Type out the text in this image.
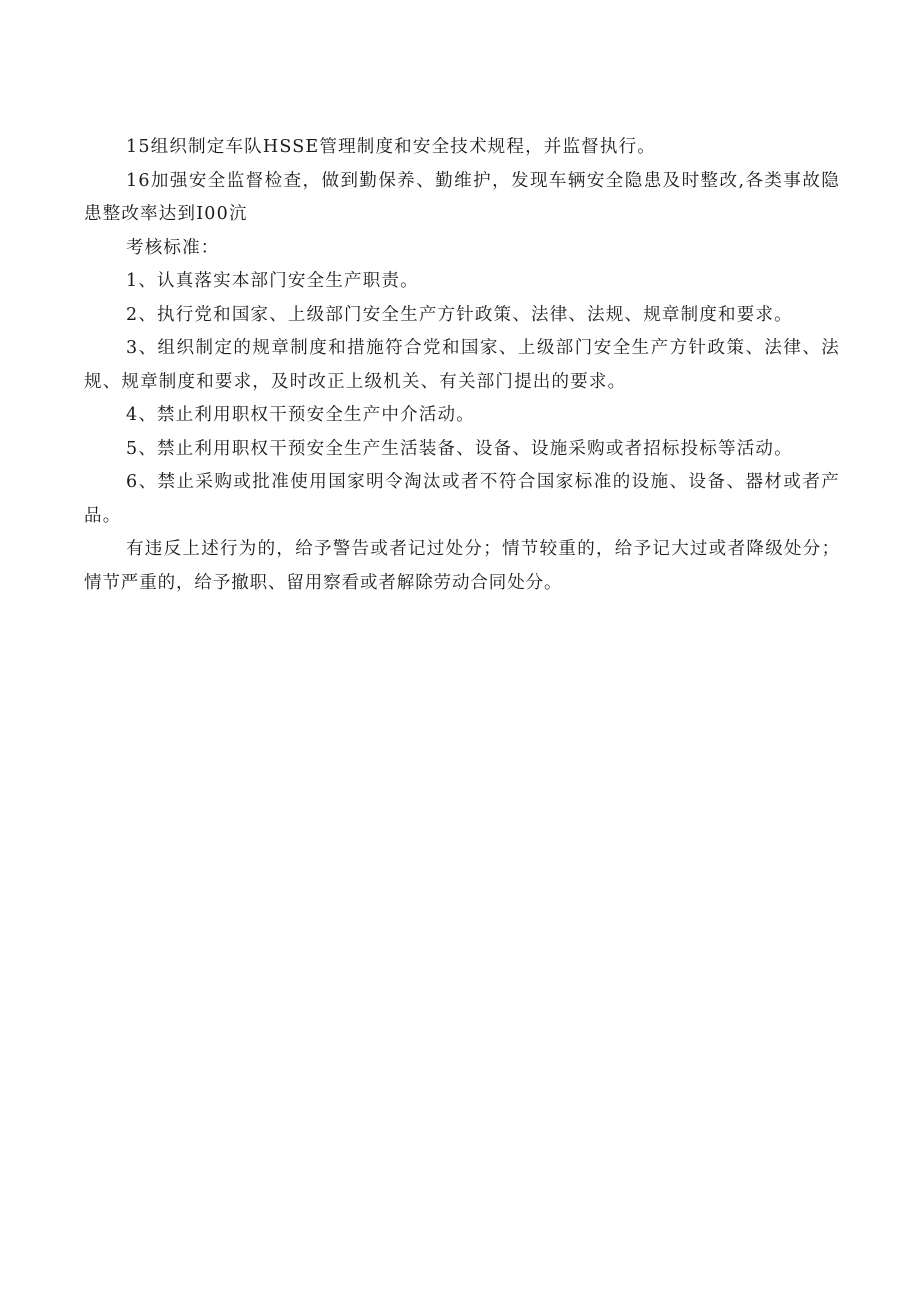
15组织制定车队HSSE管理制度和安全技术规程，并监督执行。

16加强安全监督检查，做到勤保养、勤维护，发现车辆安全隐患及时整改,各类事故隐患整改率达到I00沆

考核标准：

1、认真落实本部门安全生产职责。

2、执行党和国家、上级部门安全生产方针政策、法律、法规、规章制度和要求。

3、组织制定的规章制度和措施符合党和国家、上级部门安全生产方针政策、法律、法规、规章制度和要求，及时改正上级机关、有关部门提出的要求。

4、禁止利用职权干预安全生产中介活动。

5、禁止利用职权干预安全生产生活装备、设备、设施采购或者招标投标等活动。

6、禁止采购或批准使用国家明令淘汰或者不符合国家标准的设施、设备、器材或者产品。

有违反上述行为的，给予警告或者记过处分；情节较重的，给予记大过或者降级处分；情节严重的，给予撤职、留用察看或者解除劳动合同处分。
